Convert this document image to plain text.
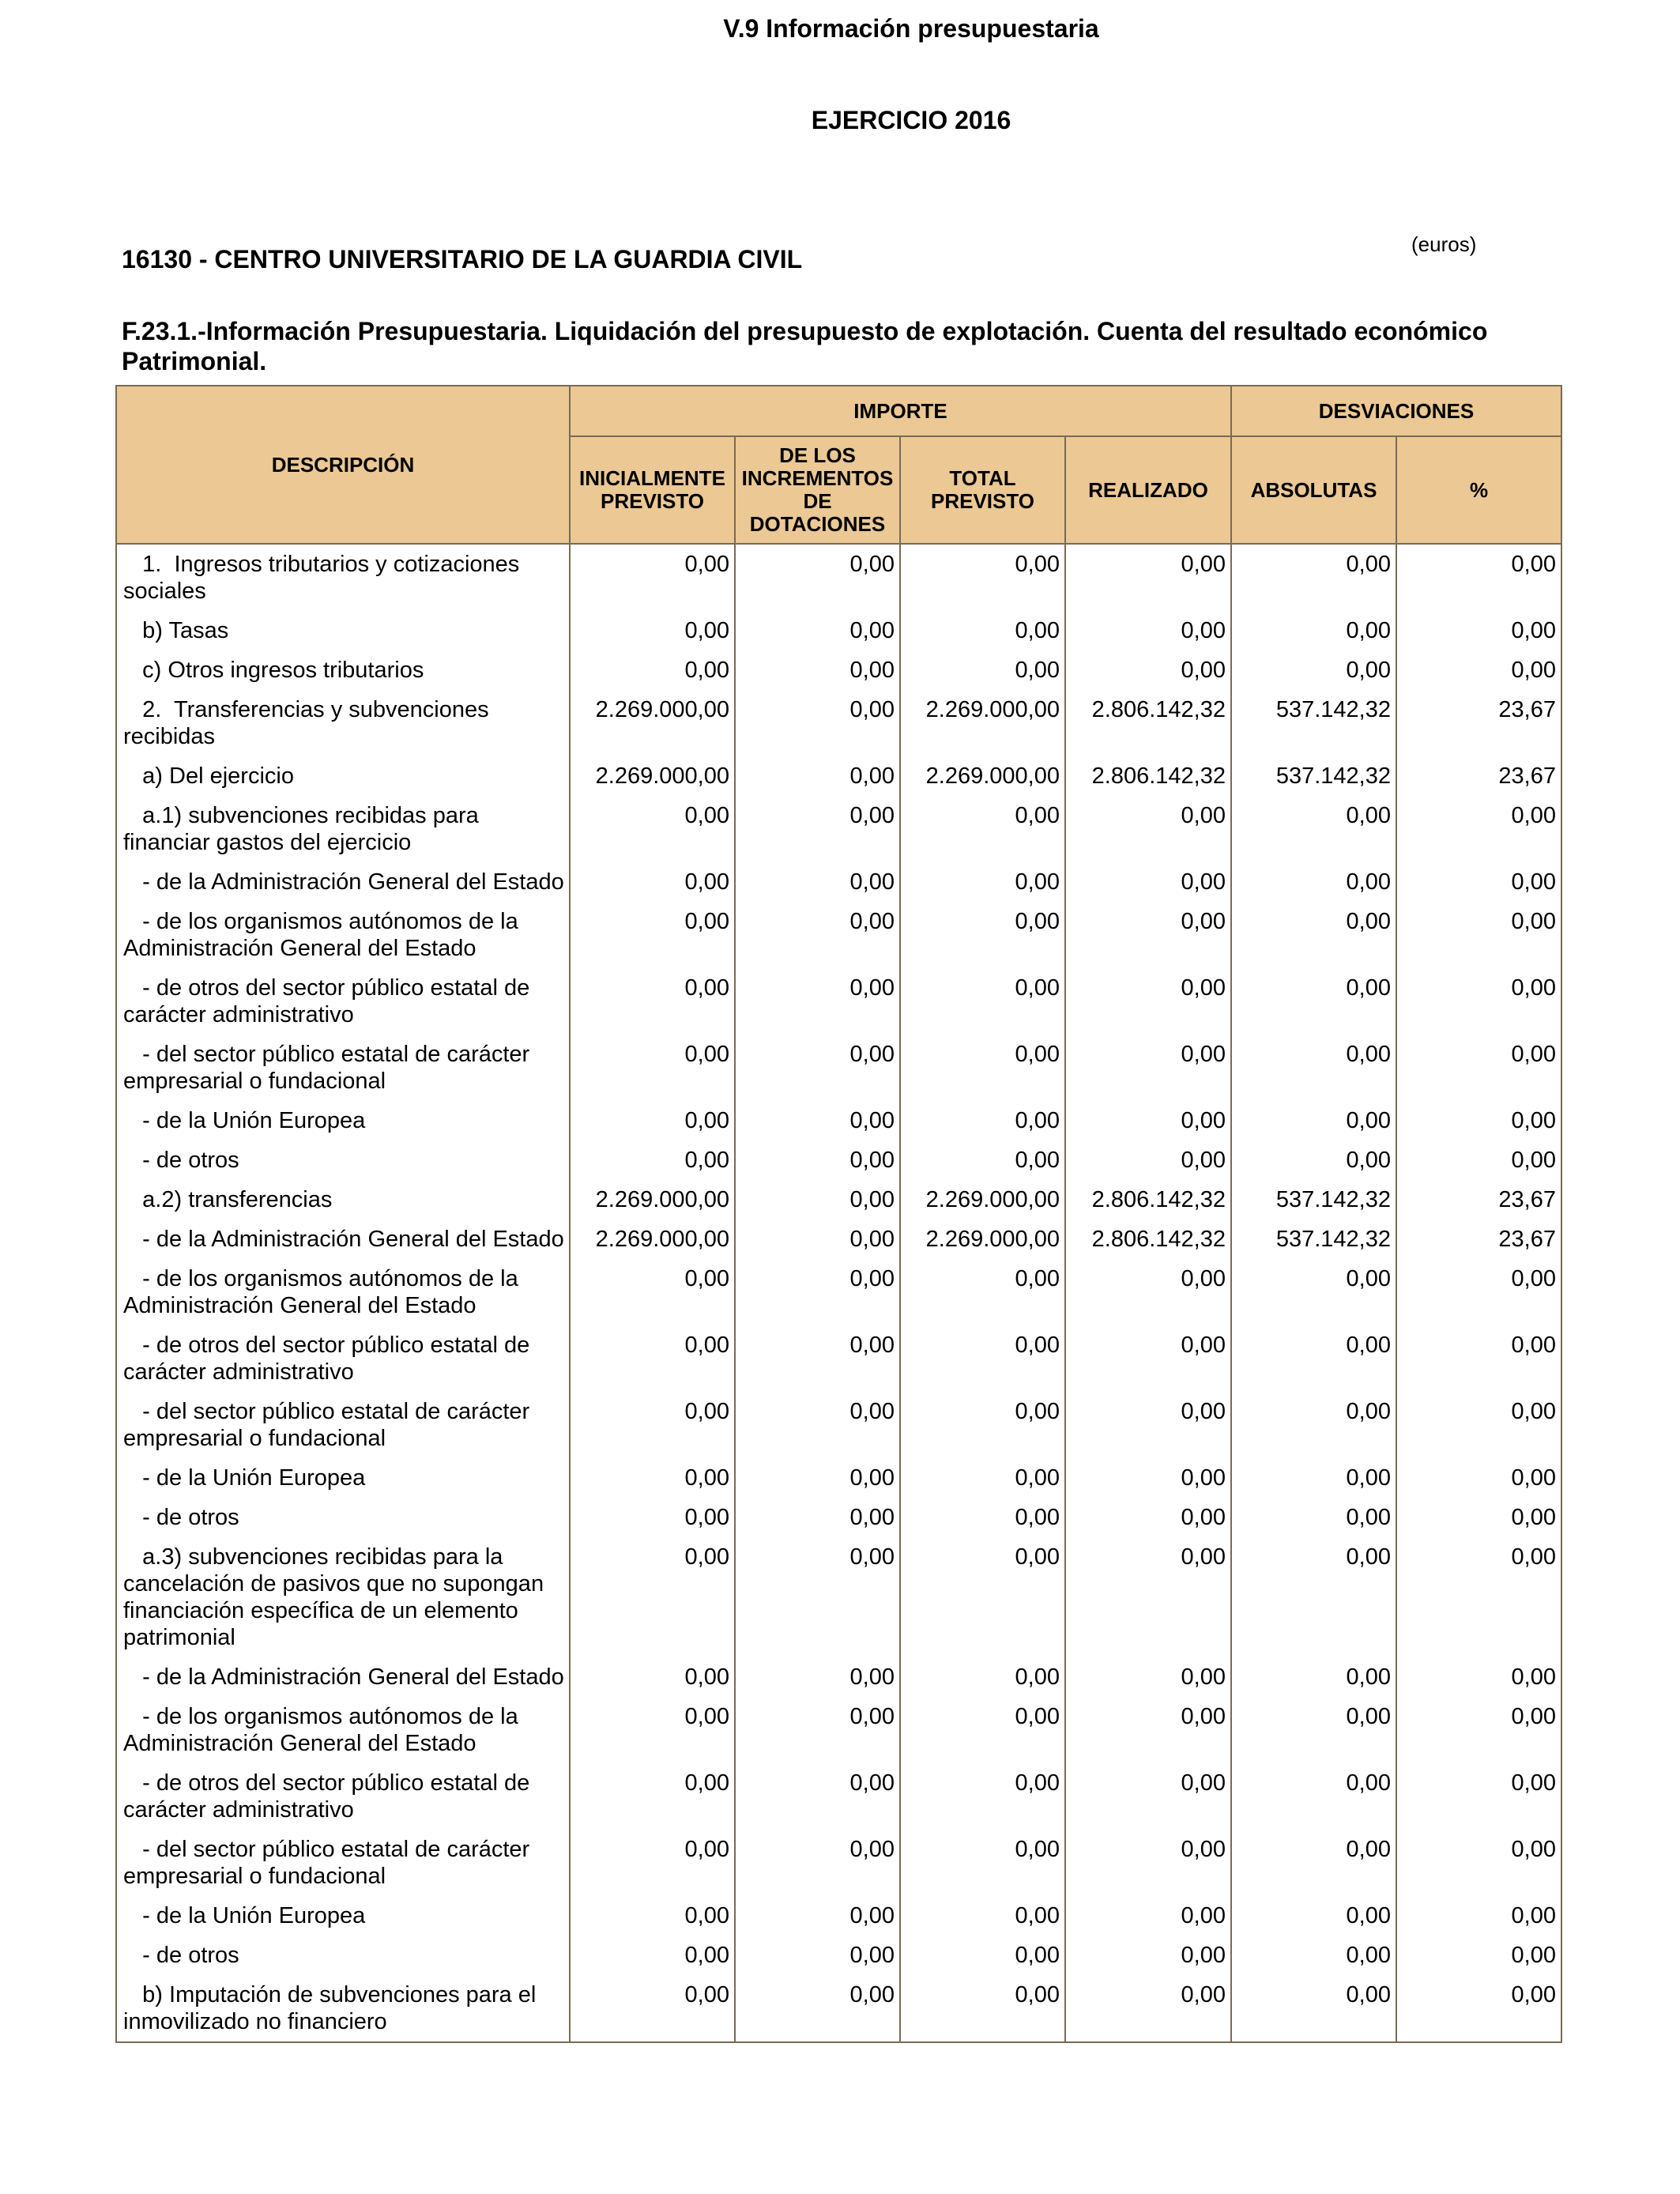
V.9 Información presupuestaria
EJERCICIO 2016
(euros)
16130 - CENTRO UNIVERSITARIO DE LA GUARDIA CIVIL
F.23.1.-Información Presupuestaria. Liquidación del presupuesto de explotación. Cuenta del resultado económico Patrimonial.
DESCRIPCIÓN	IMPORTE				DESVIACIONES	
	INICIALMENTE PREVISTO	DE LOS INCREMENTOS DE DOTACIONES	TOTAL PREVISTO	REALIZADO	ABSOLUTAS	%
1.  Ingresos tributarios y cotizaciones sociales	0,00	0,00	0,00	0,00	0,00	0,00
b) Tasas	0,00	0,00	0,00	0,00	0,00	0,00
c) Otros ingresos tributarios	0,00	0,00	0,00	0,00	0,00	0,00
2.  Transferencias y subvenciones recibidas	2.269.000,00	0,00	2.269.000,00	2.806.142,32	537.142,32	23,67
a) Del ejercicio	2.269.000,00	0,00	2.269.000,00	2.806.142,32	537.142,32	23,67
a.1) subvenciones recibidas para financiar gastos del ejercicio	0,00	0,00	0,00	0,00	0,00	0,00
- de la Administración General del Estado	0,00	0,00	0,00	0,00	0,00	0,00
- de los organismos autónomos de la Administración General del Estado	0,00	0,00	0,00	0,00	0,00	0,00
- de otros del sector público estatal de carácter administrativo	0,00	0,00	0,00	0,00	0,00	0,00
- del sector público estatal de carácter empresarial o fundacional	0,00	0,00	0,00	0,00	0,00	0,00
- de la Unión Europea	0,00	0,00	0,00	0,00	0,00	0,00
- de otros	0,00	0,00	0,00	0,00	0,00	0,00
a.2) transferencias	2.269.000,00	0,00	2.269.000,00	2.806.142,32	537.142,32	23,67
- de la Administración General del Estado	2.269.000,00	0,00	2.269.000,00	2.806.142,32	537.142,32	23,67
- de los organismos autónomos de la Administración General del Estado	0,00	0,00	0,00	0,00	0,00	0,00
- de otros del sector público estatal de carácter administrativo	0,00	0,00	0,00	0,00	0,00	0,00
- del sector público estatal de carácter empresarial o fundacional	0,00	0,00	0,00	0,00	0,00	0,00
- de la Unión Europea	0,00	0,00	0,00	0,00	0,00	0,00
- de otros	0,00	0,00	0,00	0,00	0,00	0,00
a.3) subvenciones recibidas para la cancelación de pasivos que no supongan financiación específica de un elemento patrimonial	0,00	0,00	0,00	0,00	0,00	0,00
- de la Administración General del Estado	0,00	0,00	0,00	0,00	0,00	0,00
- de los organismos autónomos de la Administración General del Estado	0,00	0,00	0,00	0,00	0,00	0,00
- de otros del sector público estatal de carácter administrativo	0,00	0,00	0,00	0,00	0,00	0,00
- del sector público estatal de carácter empresarial o fundacional	0,00	0,00	0,00	0,00	0,00	0,00
- de la Unión Europea	0,00	0,00	0,00	0,00	0,00	0,00
- de otros	0,00	0,00	0,00	0,00	0,00	0,00
b) Imputación de subvenciones para el inmovilizado no financiero	0,00	0,00	0,00	0,00	0,00	0,00
